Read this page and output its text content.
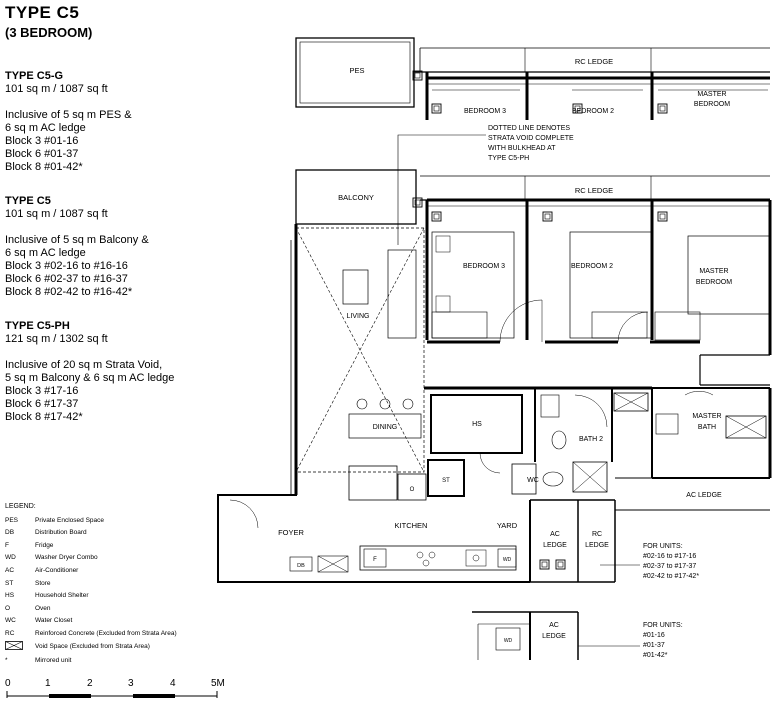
TYPE C5
(3 BEDROOM)
TYPE C5-G
101 sq m / 1087 sq ft
Inclusive of 5 sq m PES &
6 sq m AC ledge
Block 3 #01-16
Block 6 #01-37
Block 8 #01-42*
TYPE C5
101 sq m / 1087 sq ft
Inclusive of 5 sq m Balcony &
6 sq m AC ledge
Block 3 #02-16 to #16-16
Block 6 #02-37 to #16-37
Block 8 #02-42 to #16-42*
TYPE C5-PH
121 sq m / 1302 sq ft
Inclusive of 20 sq m Strata Void,
5 sq m Balcony & 6 sq m AC ledge
Block 3 #17-16
Block 6 #17-37
Block 8 #17-42*
LEGEND:
PES	Private Enclosed Space
DB	Distribution Board
F	Fridge
WD	Washer Dryer Combo
AC	Air-Conditioner
ST	Store
HS	Household Shelter
O	Oven
WC	Water Closet
RC	Reinforced Concrete (Excluded from Strata Area)
Void Space (Excluded from Strata Area)
*	Mirrored unit
0	1	2	3	4	5M
PES
RC LEDGE
BEDROOM 3	BEDROOM 2
MASTER
BEDROOM
DOTTED LINE DENOTES
STRATA VOID COMPLETE
WITH BULKHEAD AT
TYPE C5-PH
RC LEDGE
BALCONY
BEDROOM 3	BEDROOM 2
MASTER
BEDROOM
LIVING
DINING	HS
BATH 2
MASTER
BATH
AC LEDGE
ST
O
WC
FOYER
KITCHEN	YARD
AC
LEDGE
RC
LEDGE
F	WD
DB
FOR UNITS:
#02-16 to #17-16
#02-37 to #17-37
#02-42 to #17-42*
WD
AC
LEDGE
FOR UNITS:
#01-16
#01-37
#01-42*
